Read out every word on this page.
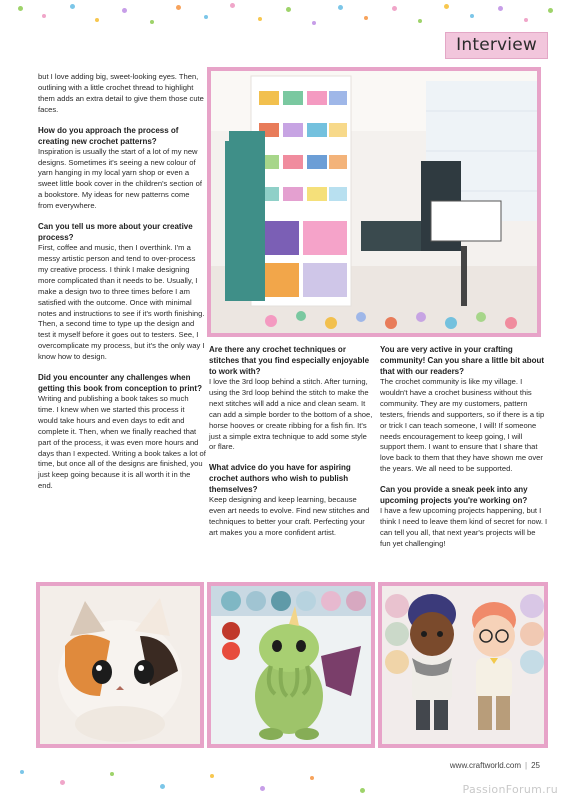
Interview

but I love adding big, sweet-looking eyes. Then, outlining with a little crochet thread to highlight them adds an extra detail to give them those cute faces.

How do you approach the process of creating new crochet patterns?

Inspiration is usually the start of a lot of my new designs. Sometimes it's seeing a new colour of yarn hanging in my local yarn shop or even a sweet little book cover in the children's section of a bookstore. My ideas for new patterns come from everywhere.

Can you tell us more about your creative process?

First, coffee and music, then I overthink. I'm a messy artistic person and tend to over-process my creative process. I think I make designing more complicated than it needs to be. Usually, I make a design two to three times before I am satisfied with the outcome. Once with minimal notes and instructions to see if it's worth finishing. Then, a second time to type up the design and test it myself before it goes out to testers. See, I overcomplicate my process, but it's the only way I know how to design.

Did you encounter any challenges when getting this book from conception to print?

Writing and publishing a book takes so much time. I knew when we started this process it would take hours and even days to edit and complete it. Then, when we finally reached that part of the process, it was even more hours and days than I expected. Writing a book takes a lot of time, but once all of the designs are finished, you just keep going because it is all worth it in the end.

Are there any crochet techniques or stitches that you find especially enjoyable to work with?

I love the 3rd loop behind a stitch. After turning, using the 3rd loop behind the stitch to make the next stitches will add a nice and clean seam. It can add a simple border to the bottom of a shoe, horse hooves or create ribbing for a fish fin. It's just a simple extra technique to add some style or flare.

What advice do you have for aspiring crochet authors who wish to publish themselves?

Keep designing and keep learning, because even art needs to evolve. Find new stitches and techniques to better your craft. Perfecting your art makes you a more confident artist.

You are very active in your crafting community! Can you share a little bit about that with our readers?

The crochet community is like my village. I wouldn't have a crochet business without this community. They are my customers, pattern testers, friends and supporters, so if there is a tip or trick I can teach someone, I will! If someone needs encouragement to keep going, I will support them. I want to ensure that I share that love back to them that they have shown me over the years. We all need to be supported.

Can you provide a sneak peek into any upcoming projects you're working on?

I have a few upcoming projects happening, but I think I need to leave them kind of secret for now. I can tell you all, that next year's projects will be fun yet challenging!

www.craftworld.com | 25
PassionForum.ru
